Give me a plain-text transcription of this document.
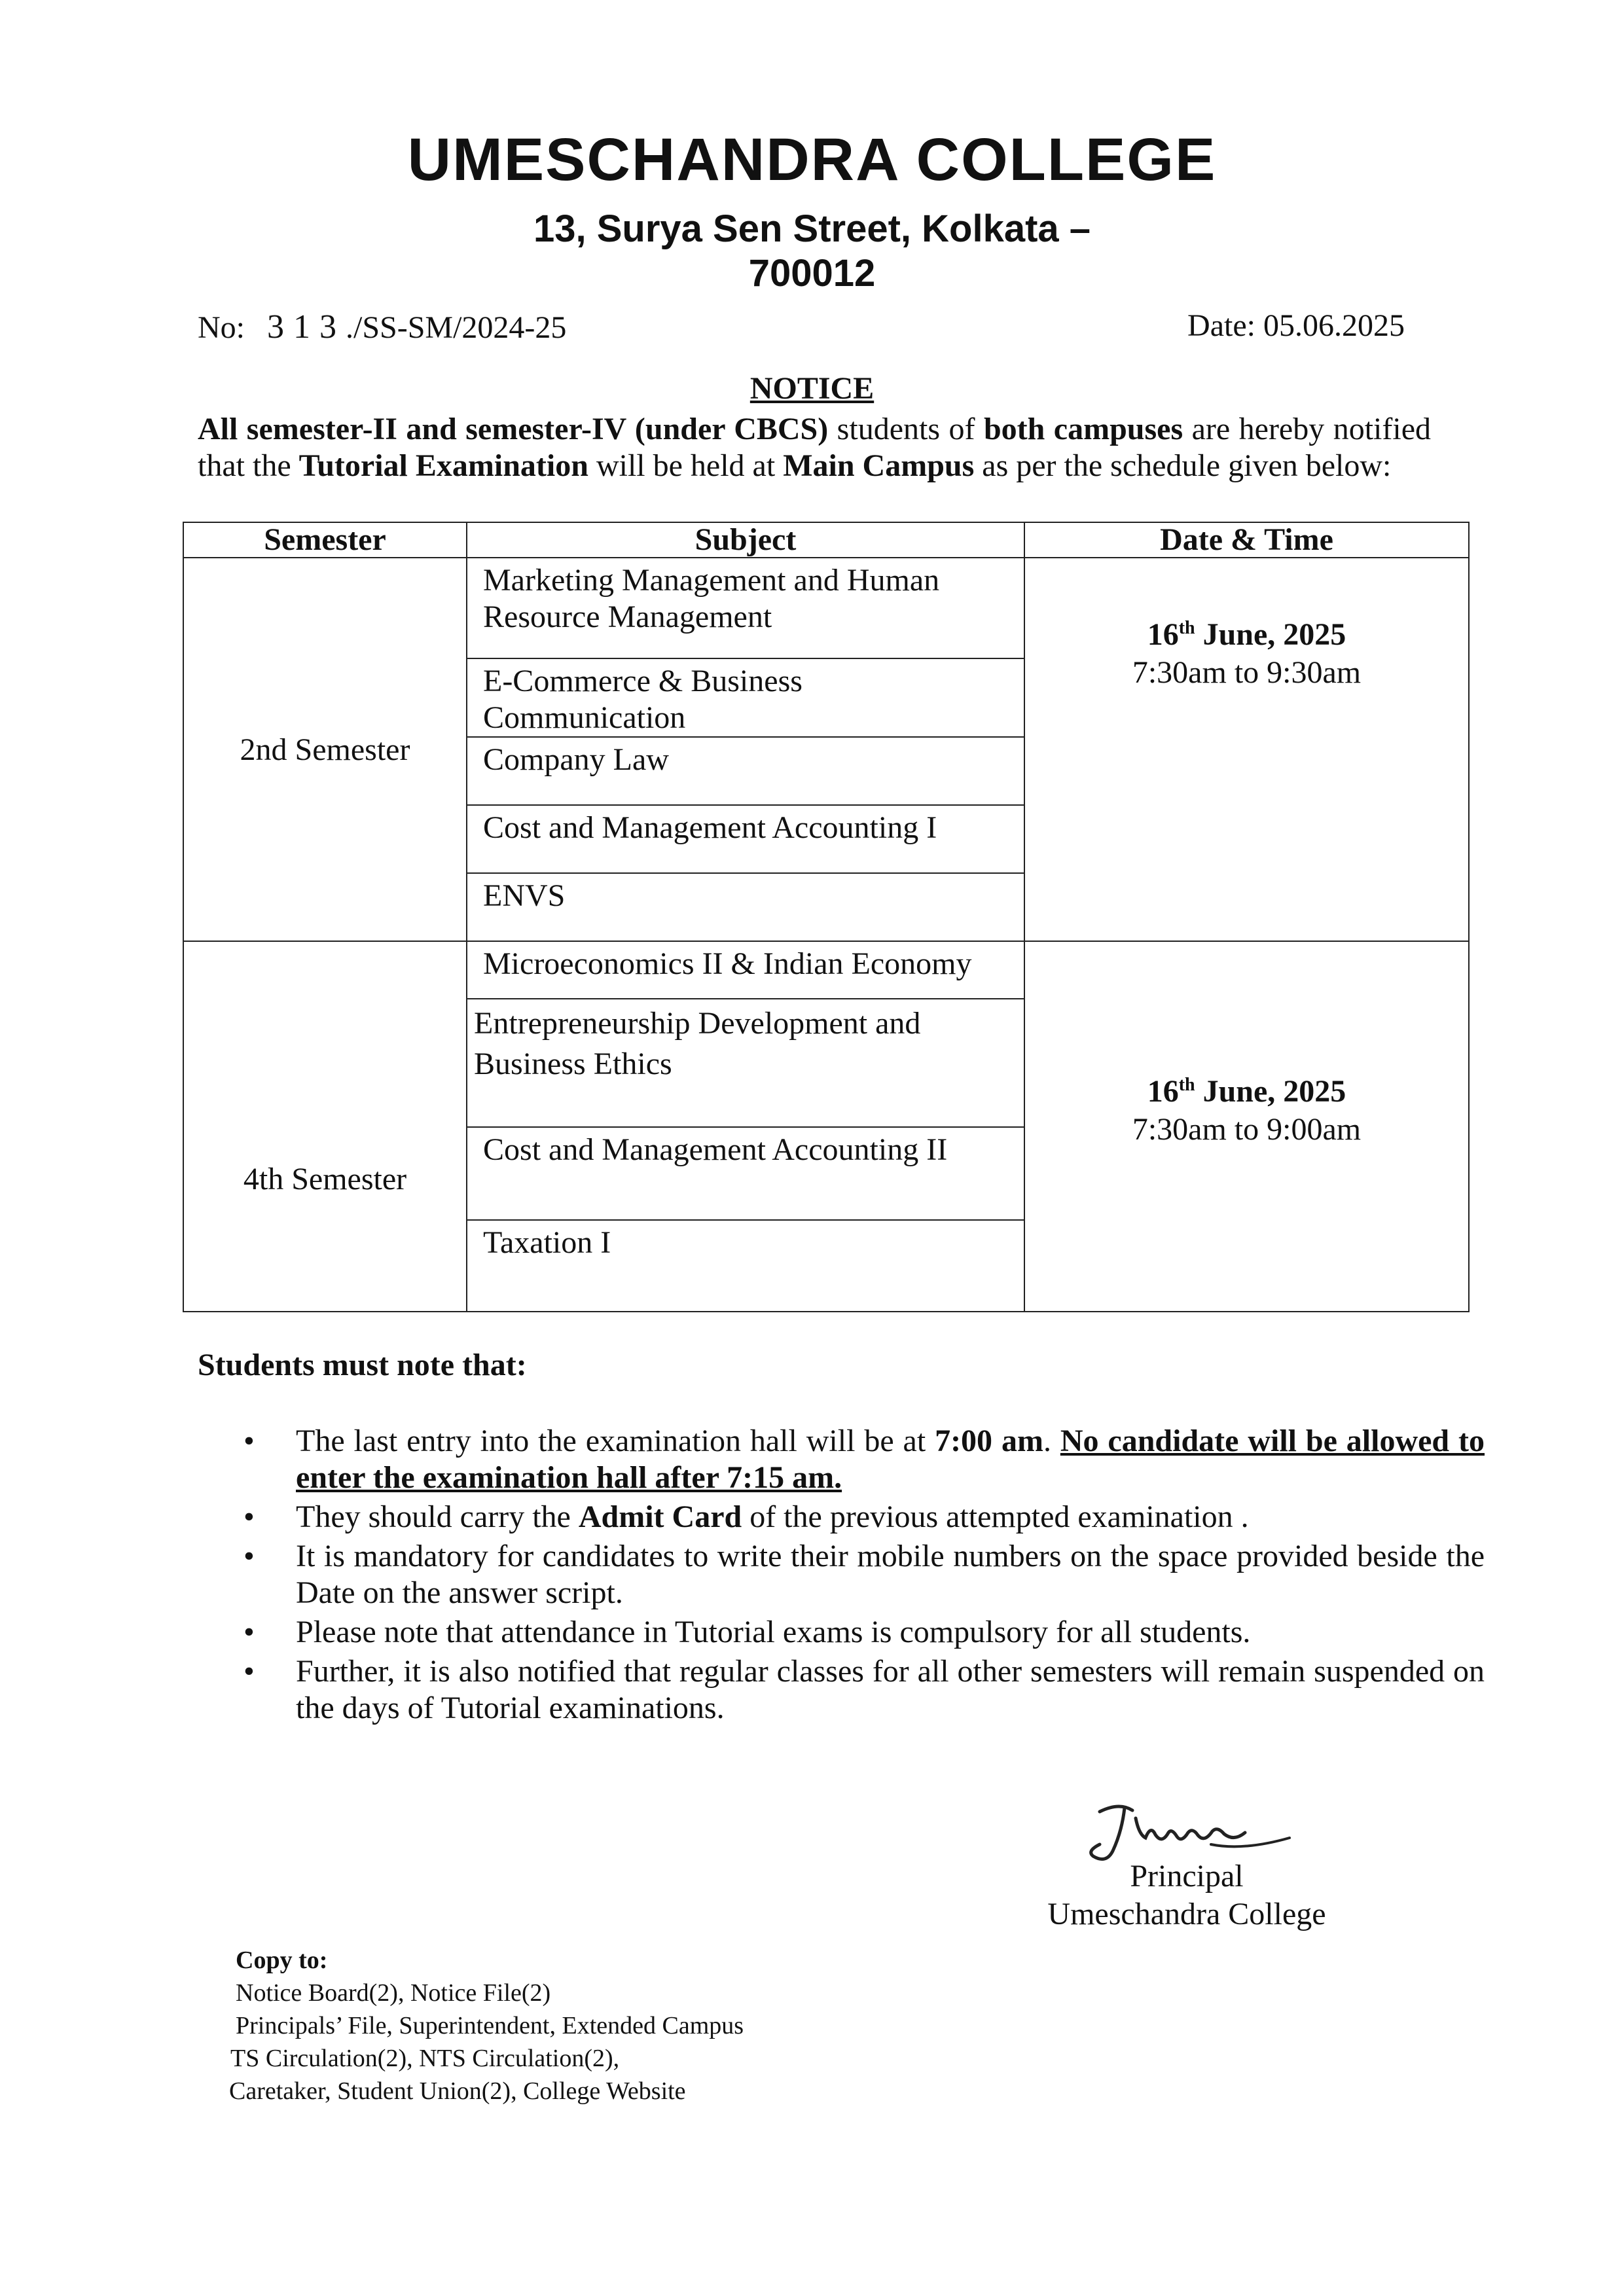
UMESCHANDRA COLLEGE
13, Surya Sen Street, Kolkata –
700012
No: 313./SS-SM/2024-25	Date: 05.06.2025
NOTICE
All semester-II and semester-IV (under CBCS) students of both campuses are hereby notified that the Tutorial Examination will be held at Main Campus as per the schedule given below:
Semester	Subject	Date & Time
2nd Semester	Marketing Management and Human Resource Management	16th June, 2025
7:30am to 9:30am

	E-Commerce & Business Communication	
	Company Law	
	Cost and Management Accounting I	
	ENVS	

4th Semester	Microeconomics II & Indian Economy	16th June, 2025
7:30am to 9:00am

	Entrepreneurship Development and Business Ethics	
	Cost and Management Accounting II	
	Taxation I	
Students must note that:
• The last entry into the examination hall will be at 7:00 am. No candidate will be allowed to enter the examination hall after 7:15 am.
• They should carry the Admit Card of the previous attempted examination .
• It is mandatory for candidates to write their mobile numbers on the space provided beside the Date on the answer script.
• Please note that attendance in Tutorial exams is compulsory for all students.
• Further, it is also notified that regular classes for all other semesters will remain suspended on the days of Tutorial examinations.
Principal
Umeschandra College
Copy to:
Notice Board(2), Notice File(2)
Principals’ File, Superintendent, Extended Campus
TS Circulation(2), NTS Circulation(2),
Caretaker, Student Union(2), College Website
